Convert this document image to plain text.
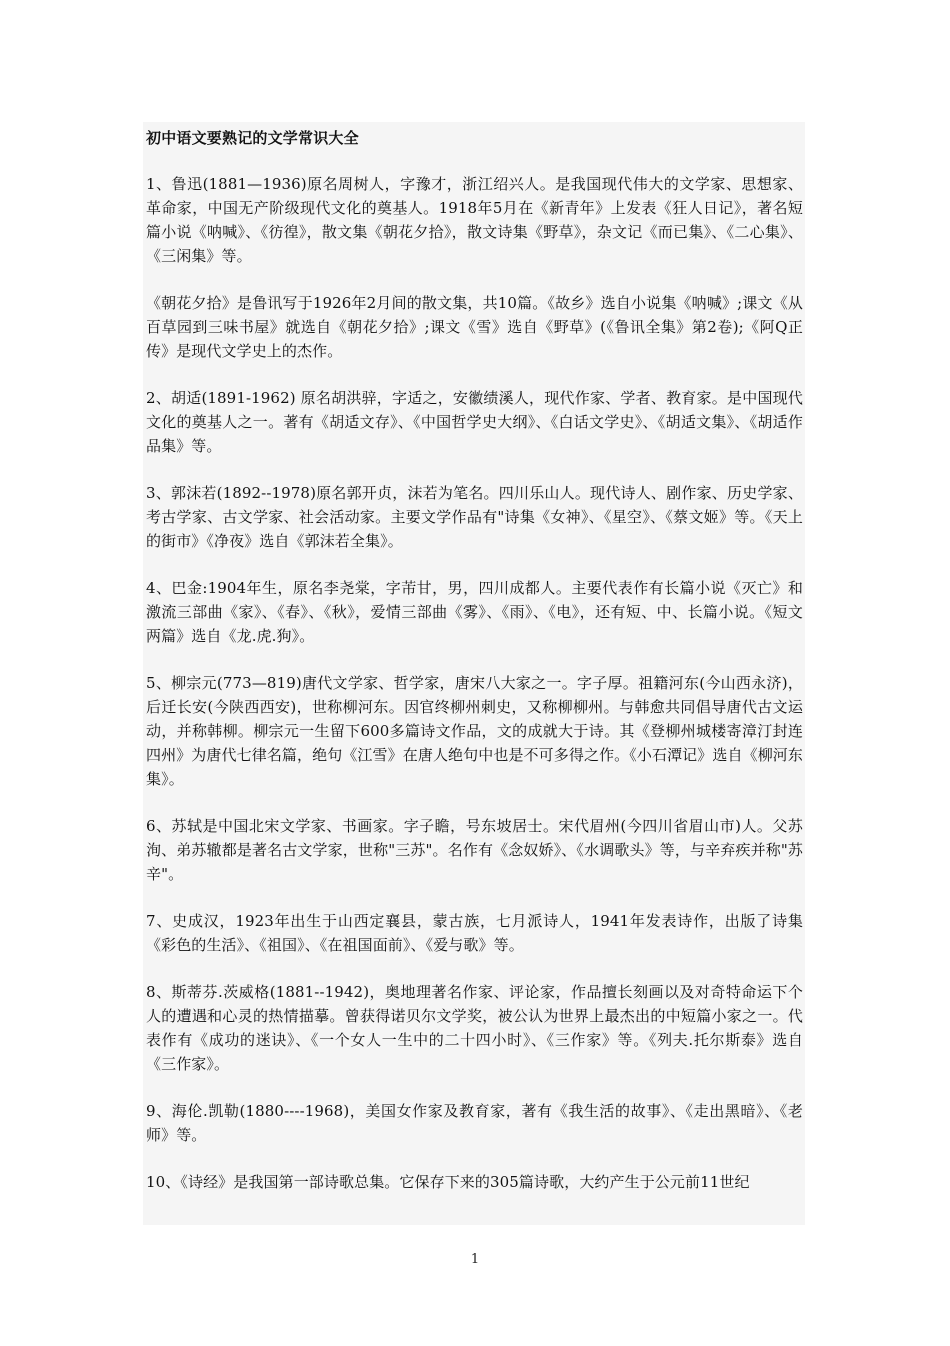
初中语文要熟记的文学常识大全

1、鲁迅(1881—1936)原名周树人，字豫才，浙江绍兴人。是我国现代伟大的文学家、思想家、革命家，中国无产阶级现代文化的奠基人。1918年5月在《新青年》上发表《狂人日记》，著名短篇小说《呐喊》、《彷徨》，散文集《朝花夕拾》，散文诗集《野草》，杂文记《而已集》、《二心集》、《三闲集》等。

《朝花夕拾》是鲁讯写于1926年2月间的散文集，共10篇。《故乡》选自小说集《呐喊》;课文《从百草园到三味书屋》就选自《朝花夕拾》;课文《雪》选自《野草》(《鲁讯全集》第2卷);《阿Q正传》是现代文学史上的杰作。

2、胡适(1891-1962) 原名胡洪骍，字适之，安徽绩溪人，现代作家、学者、教育家。是中国现代文化的奠基人之一。著有《胡适文存》、《中国哲学史大纲》、《白话文学史》、《胡适文集》、《胡适作品集》等。

3、郭沫若(1892--1978)原名郭开贞，沫若为笔名。四川乐山人。现代诗人、剧作家、历史学家、考古学家、古文学家、社会活动家。主要文学作品有"诗集《女神》、《星空》、《蔡文姬》等。《天上的街市》《净夜》选自《郭沫若全集》。

4、巴金:1904年生，原名李尧棠，字芾甘，男，四川成都人。主要代表作有长篇小说《灭亡》和激流三部曲《家》、《春》、《秋》，爱情三部曲《雾》、《雨》、《电》，还有短、中、长篇小说。《短文两篇》选自《龙.虎.狗》。

5、柳宗元(773—819)唐代文学家、哲学家，唐宋八大家之一。字子厚。祖籍河东(今山西永济)，后迁长安(今陕西西安)，世称柳河东。因官终柳州刺史，又称柳柳州。与韩愈共同倡导唐代古文运动，并称韩柳。柳宗元一生留下600多篇诗文作品，文的成就大于诗。其《登柳州城楼寄漳汀封连四州》为唐代七律名篇，绝句《江雪》在唐人绝句中也是不可多得之作。《小石潭记》选自《柳河东集》。

6、苏轼是中国北宋文学家、书画家。字子瞻，号东坡居士。宋代眉州(今四川省眉山市)人。父苏洵、弟苏辙都是著名古文学家，世称"三苏"。名作有《念奴娇》、《水调歌头》等，与辛弃疾并称"苏辛"。

7、史成汉，1923年出生于山西定襄县，蒙古族，七月派诗人，1941年发表诗作，出版了诗集《彩色的生活》、《祖国》、《在祖国面前》、《爱与歌》等。

8、斯蒂芬.茨威格(1881--1942)，奥地理著名作家、评论家，作品擅长刻画以及对奇特命运下个人的遭遇和心灵的热情描摹。曾获得诺贝尔文学奖，被公认为世界上最杰出的中短篇小家之一。代表作有《成功的迷诀》、《一个女人一生中的二十四小时》、《三作家》等。《列夫.托尔斯泰》选自《三作家》。

9、海伦.凯勒(1880----1968)，美国女作家及教育家，著有《我生活的故事》、《走出黑暗》、《老师》等。

10、《诗经》是我国第一部诗歌总集。它保存下来的305篇诗歌，大约产生于公元前11世纪

1
